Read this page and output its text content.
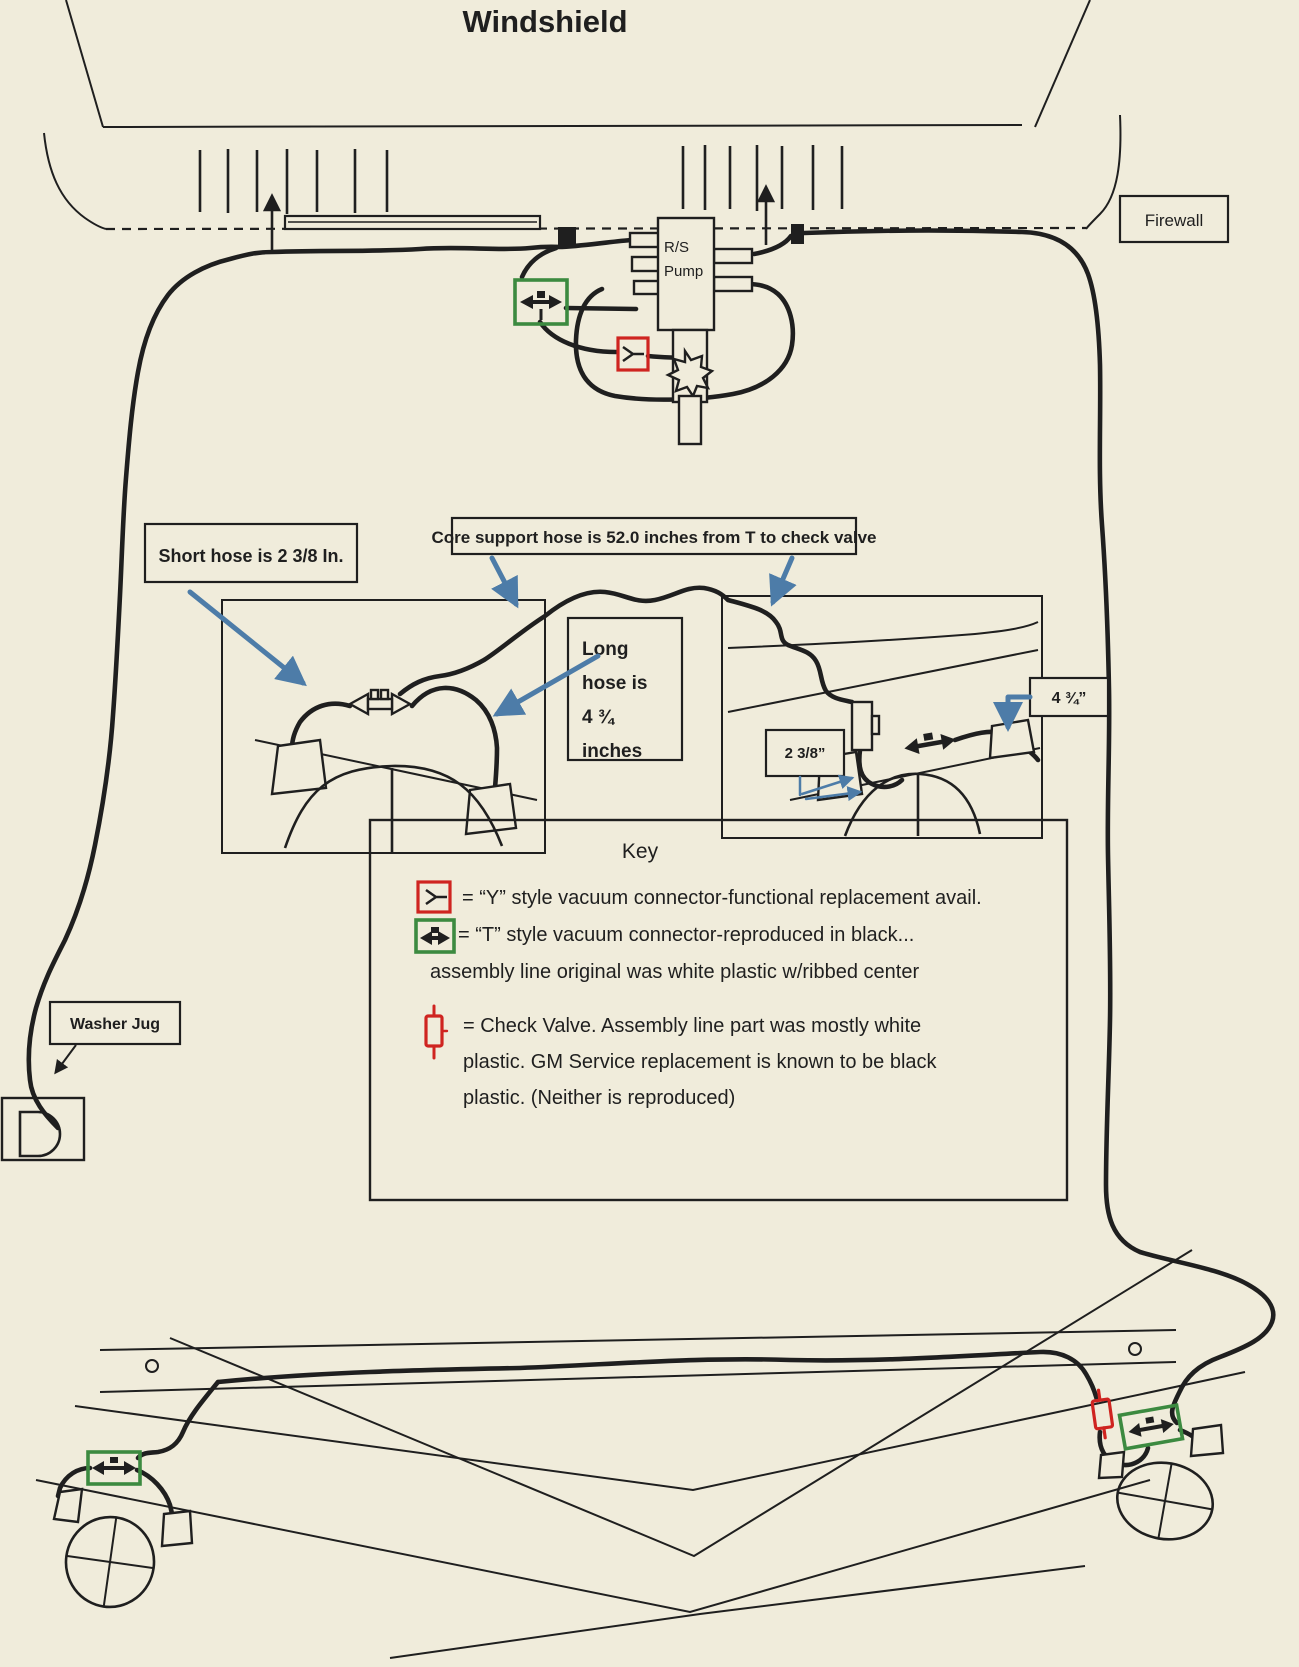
Windshield
Firewall
R/S
Pump
Short hose is 2 3/8 In.
Core support hose is 52.0 inches from T to check valve
Long
hose is
4 ¾
inches	2 3/8”
4 ¾”
Key
= “Y” style vacuum connector-functional replacement avail.
= “T” style vacuum connector-reproduced in black...
assembly line original was white plastic w/ribbed center
= Check Valve. Assembly line part was mostly white
plastic. GM Service replacement is known to be black
plastic. (Neither is reproduced)
Washer Jug
